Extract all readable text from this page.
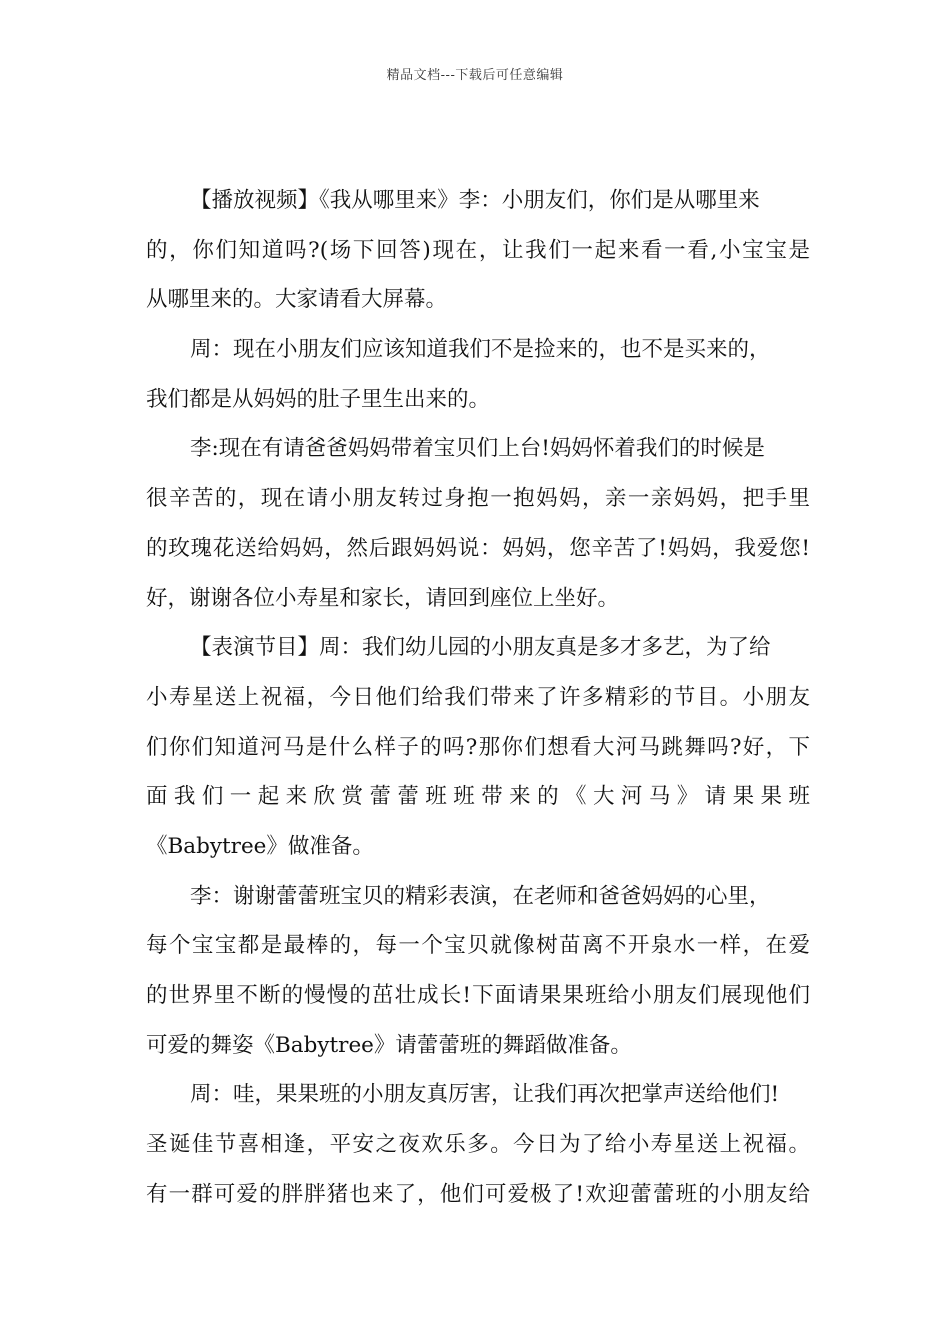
精品文档---下载后可任意编辑
【播放视频】《我从哪里来》李：小朋友们，你们是从哪里来
的，你们知道吗?(场下回答)现在，让我们一起来看一看,小宝宝是
从哪里来的。大家请看大屏幕。
周：现在小朋友们应该知道我们不是捡来的，也不是买来的，
我们都是从妈妈的肚子里生出来的。
李:现在有请爸爸妈妈带着宝贝们上台!妈妈怀着我们的时候是
很辛苦的，现在请小朋友转过身抱一抱妈妈，亲一亲妈妈，把手里
的玫瑰花送给妈妈，然后跟妈妈说：妈妈，您辛苦了!妈妈，我爱您!
好，谢谢各位小寿星和家长，请回到座位上坐好。
【表演节目】周：我们幼儿园的小朋友真是多才多艺，为了给
小寿星送上祝福，今日他们给我们带来了许多精彩的节目。小朋友
们你们知道河马是什么样子的吗?那你们想看大河马跳舞吗?好，下
面我们一起来欣赏蕾蕾班班带来的《大河马》请果果班
《Babytree》做准备。
李：谢谢蕾蕾班宝贝的精彩表演，在老师和爸爸妈妈的心里，
每个宝宝都是最棒的，每一个宝贝就像树苗离不开泉水一样，在爱
的世界里不断的慢慢的茁壮成长!下面请果果班给小朋友们展现他们
可爱的舞姿《Babytree》请蕾蕾班的舞蹈做准备。
周：哇，果果班的小朋友真厉害，让我们再次把掌声送给他们!
圣诞佳节喜相逢，平安之夜欢乐多。今日为了给小寿星送上祝福。
有一群可爱的胖胖猪也来了，他们可爱极了!欢迎蕾蕾班的小朋友给
